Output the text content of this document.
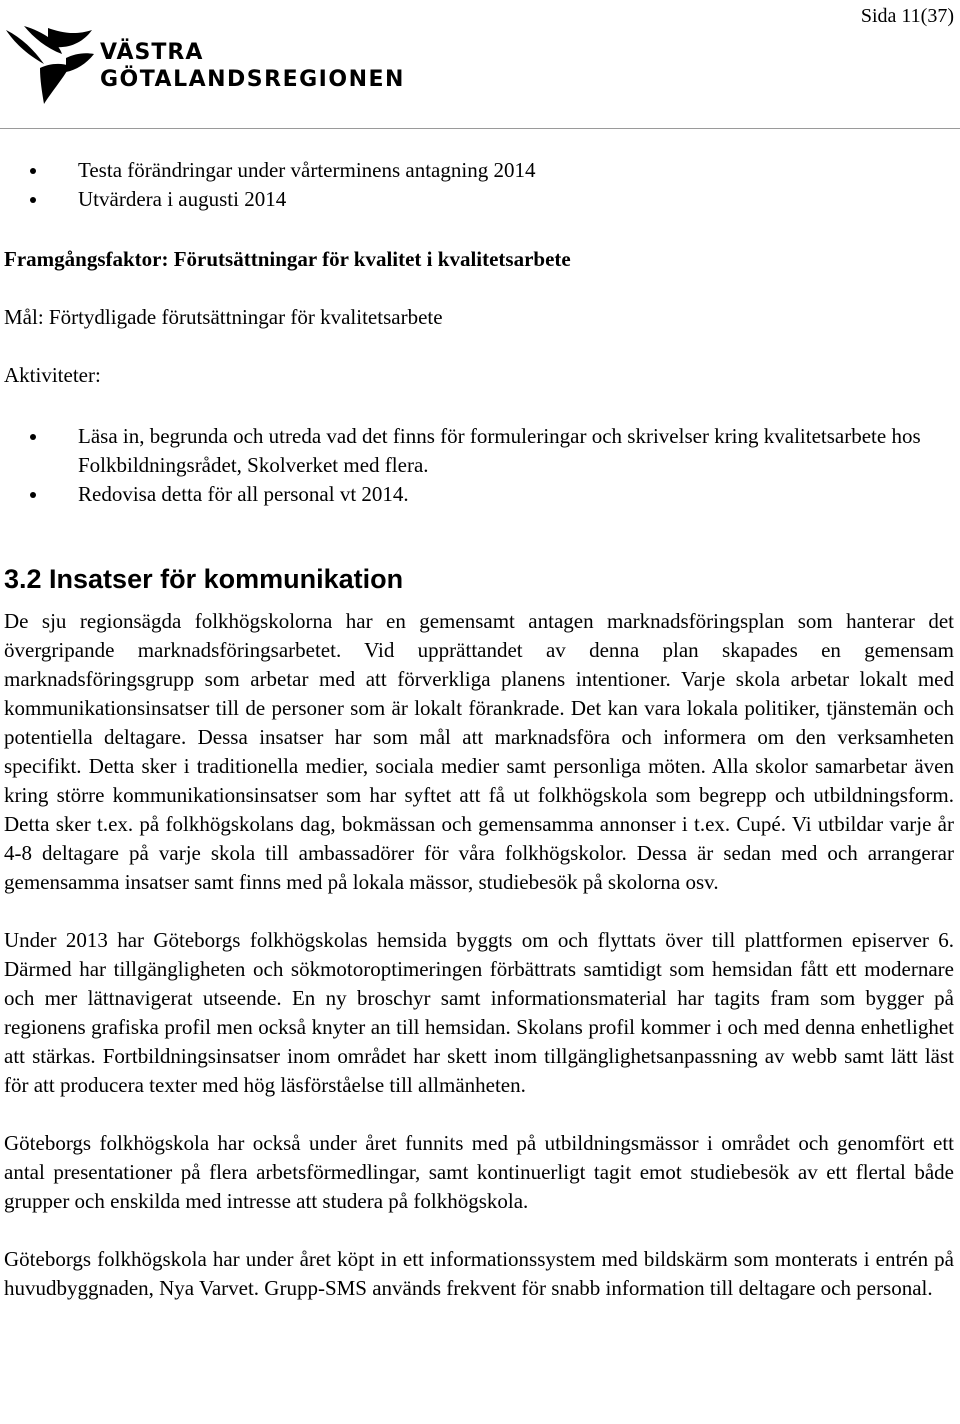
Sida 11(37)
VÄSTRA
GÖTALANDSREGIONEN
Testa förändringar under vårterminens antagning 2014
Utvärdera i augusti 2014

Framgångsfaktor: Förutsättningar för kvalitet i kvalitetsarbete

Mål: Förtydligade förutsättningar för kvalitetsarbete

Aktiviteter:

Läsa in, begrunda och utreda vad det finns för formuleringar och skrivelser kring kvalitetsarbete hos Folkbildningsrådet, Skolverket med flera.
Redovisa detta för all personal vt 2014.
3.2 Insatser för kommunikation

De sju regionsägda folkhögskolorna har en gemensamt antagen marknadsföringsplan som hanterar det övergripande marknadsföringsarbetet. Vid upprättandet av denna plan skapades en gemensam marknadsföringsgrupp som arbetar med att förverkliga planens intentioner. Varje skola arbetar lokalt med kommunikationsinsatser till de personer som är lokalt förankrade. Det kan vara lokala politiker, tjänstemän och potentiella deltagare. Dessa insatser har som mål att marknadsföra och informera om den verksamheten specifikt. Detta sker i traditionella medier, sociala medier samt personliga möten. Alla skolor samarbetar även kring större kommunikationsinsatser som har syftet att få ut folkhögskola som begrepp och utbildningsform. Detta sker t.ex. på folkhögskolans dag, bokmässan och gemensamma annonser i t.ex. Cupé. Vi utbildar varje år 4-8 deltagare på varje skola till ambassadörer för våra folkhögskolor. Dessa är sedan med och arrangerar gemensamma insatser samt finns med på lokala mässor, studiebesök på skolorna osv.

Under 2013 har Göteborgs folkhögskolas hemsida byggts om och flyttats över till plattformen episerver 6. Därmed har tillgängligheten och sökmotoroptimeringen förbättrats samtidigt som hemsidan fått ett modernare och mer lättnavigerat utseende. En ny broschyr samt informationsmaterial har tagits fram som bygger på regionens grafiska profil men också knyter an till hemsidan. Skolans profil kommer i och med denna enhetlighet att stärkas. Fortbildningsinsatser inom området har skett inom tillgänglighetsanpassning av webb samt lätt läst för att producera texter med hög läsförståelse till allmänheten.

Göteborgs folkhögskola har också under året funnits med på utbildningsmässor i området och genomfört ett antal presentationer på flera arbetsförmedlingar, samt kontinuerligt tagit emot studiebesök av ett flertal både grupper och enskilda med intresse att studera på folkhögskola.

Göteborgs folkhögskola har under året köpt in ett informationssystem med bildskärm som monterats i entrén på huvudbyggnaden, Nya Varvet. Grupp-SMS används frekvent för snabb information till deltagare och personal.
